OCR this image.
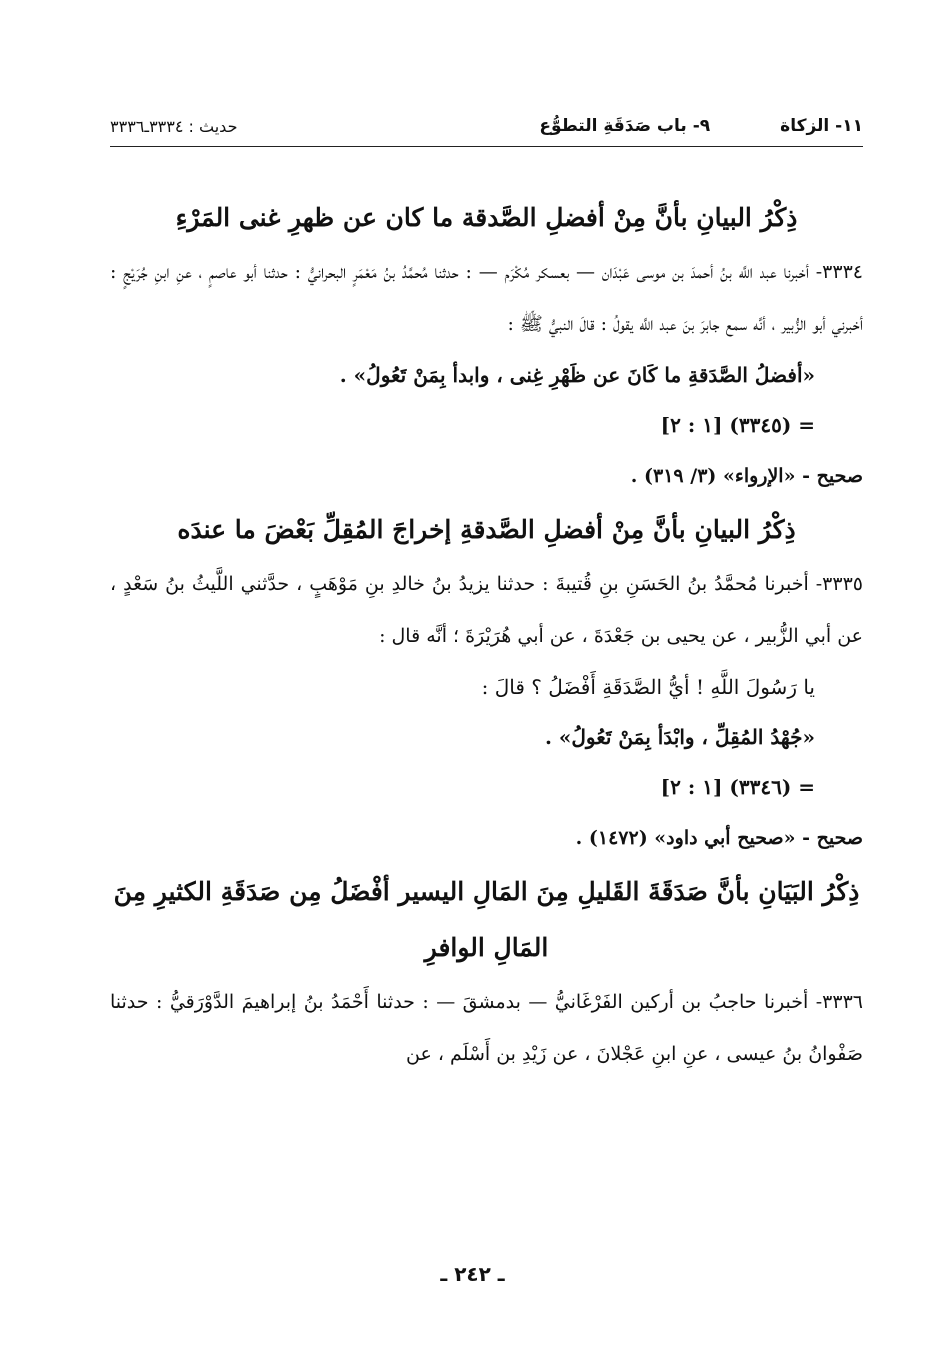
١١- الزكاة
٩- باب صَدَقَةِ التطوُّع
حديث : ٣٣٣٤ـ٣٣٣٦
ذِكْرُ البيانِ بأنَّ مِنْ أفضلِ الصَّدقة ما كان عن ظهرِ غنى المَرْءِ
٣٣٣٤- أخبرنا عبد اللَّه بنُ أحمدَ بن موسى عَبْدَان — بعسكر مُكْرَم — : حدثنا مُحمَّدُ بنُ مَعْمَرٍ البحرانيُّ : حدثنا أبو عاصمٍ ، عنِ ابنِ جُرَيْجٍ : أخبرني أبو الزُّبير ، أنَّه سمع جابرَ بنَ عبد اللَّه يقولُ : قالَ النبيُّ ﷺ :
«أفضلُ الصَّدَقةِ ما كَانَ عن ظَهْرِ غِنى ، وابدأ بِمَنْ تَعُولُ» .
= (٣٣٤٥) [١ : ٢]
صحيح - «الإرواء» (٣/ ٣١٩) .
ذِكْرُ البيانِ بأنَّ مِنْ أفضلِ الصَّدقةِ إخراجَ المُقِلِّ بَعْضَ ما عندَه
٣٣٣٥- أخبرنا مُحمَّدُ بنُ الحَسَنِ بنِ قُتيبةَ : حدثنا يزيدُ بنُ خالدِ بنِ مَوْهَبٍ ، حدَّثني اللَّيثُ بنُ سَعْدٍ ، عن أبي الزُّبير ، عن يحيى بن جَعْدَةَ ، عن أبي هُرَيْرَةَ ؛ أنَّه قال :
يا رَسُولَ اللَّهِ ! أيُّ الصَّدَقَةِ أَفْضَلُ ؟ قالَ :
«جُهْدُ المُقِلِّ ، وابْدَأ بِمَنْ تَعُولُ» .
= (٣٣٤٦) [١ : ٢]
صحيح - «صحيح أبي داود» (١٤٧٢) .
ذِكْرُ البَيَانِ بأنَّ صَدَقَةَ القَليلِ مِنَ المَالِ اليسير أفْضَلُ مِن صَدَقَةِ الكثيرِ مِنَ المَالِ الوافرِ
٣٣٣٦- أخبرنا حاجبُ بن أركين الفَرْغَانيُّ — بدمشقَ — : حدثنا أَحْمَدُ بنُ إبراهيمَ الدَّوْرَقيُّ : حدثنا صَفْوانُ بنُ عيسى ، عنِ ابنِ عَجْلانَ ، عن زَيْدِ بن أَسْلَم ، عن
ـ ٢٤٢ ـ
